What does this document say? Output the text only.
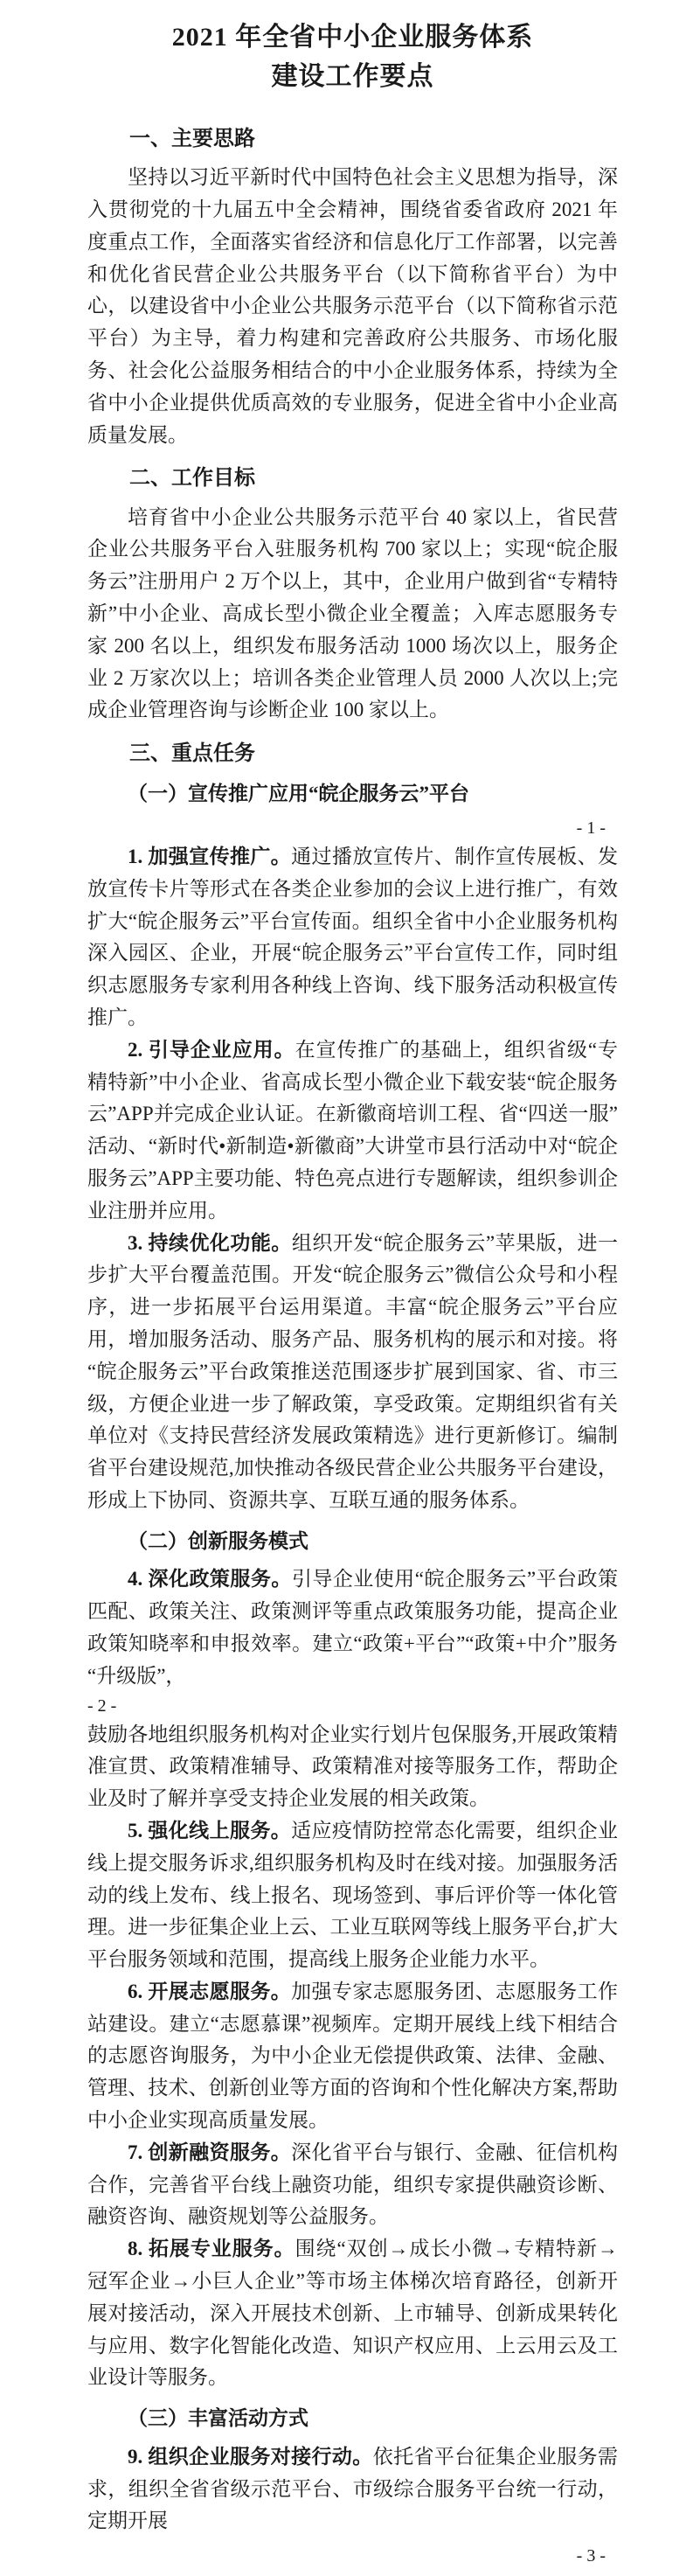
2021 年全省中小企业服务体系
建设工作要点
一、主要思路

坚持以习近平新时代中国特色社会主义思想为指导，深入贯彻党的十九届五中全会精神，围绕省委省政府 2021 年度重点工作，全面落实省经济和信息化厅工作部署，以完善和优化省民营企业公共服务平台（以下简称省平台）为中心，以建设省中小企业公共服务示范平台（以下简称省示范平台）为主导，着力构建和完善政府公共服务、市场化服务、社会化公益服务相结合的中小企业服务体系，持续为全省中小企业提供优质高效的专业服务，促进全省中小企业高质量发展。

二、工作目标

培育省中小企业公共服务示范平台 40 家以上，省民营企业公共服务平台入驻服务机构 700 家以上；实现“皖企服务云”注册用户 2 万个以上，其中，企业用户做到省“专精特新”中小企业、高成长型小微企业全覆盖；入库志愿服务专家 200 名以上，组织发布服务活动 1000 场次以上，服务企业 2 万家次以上；培训各类企业管理人员 2000 人次以上;完成企业管理咨询与诊断企业 100 家以上。

三、重点任务
（一）宣传推广应用“皖企服务云”平台
- 1 -

1. 加强宣传推广。通过播放宣传片、制作宣传展板、发放宣传卡片等形式在各类企业参加的会议上进行推广，有效扩大“皖企服务云”平台宣传面。组织全省中小企业服务机构深入园区、企业，开展“皖企服务云”平台宣传工作，同时组织志愿服务专家利用各种线上咨询、线下服务活动积极宣传推广。

2. 引导企业应用。在宣传推广的基础上，组织省级“专精特新”中小企业、省高成长型小微企业下载安装“皖企服务云”APP并完成企业认证。在新徽商培训工程、省“四送一服”活动、“新时代•新制造•新徽商”大讲堂市县行活动中对“皖企服务云”APP主要功能、特色亮点进行专题解读，组织参训企业注册并应用。

3. 持续优化功能。组织开发“皖企服务云”苹果版，进一步扩大平台覆盖范围。开发“皖企服务云”微信公众号和小程序，进一步拓展平台运用渠道。丰富“皖企服务云”平台应用，增加服务活动、服务产品、服务机构的展示和对接。将“皖企服务云”平台政策推送范围逐步扩展到国家、省、市三级，方便企业进一步了解政策，享受政策。定期组织省有关单位对《支持民营经济发展政策精选》进行更新修订。编制省平台建设规范,加快推动各级民营企业公共服务平台建设，形成上下协同、资源共享、互联互通的服务体系。

（二）创新服务模式

4. 深化政策服务。引导企业使用“皖企服务云”平台政策匹配、政策关注、政策测评等重点政策服务功能，提高企业政策知晓率和申报效率。建立“政策+平台”“政策+中介”服务“升级版”，

- 2 -

鼓励各地组织服务机构对企业实行划片包保服务,开展政策精准宣贯、政策精准辅导、政策精准对接等服务工作，帮助企业及时了解并享受支持企业发展的相关政策。

5. 强化线上服务。适应疫情防控常态化需要，组织企业线上提交服务诉求,组织服务机构及时在线对接。加强服务活动的线上发布、线上报名、现场签到、事后评价等一体化管理。进一步征集企业上云、工业互联网等线上服务平台,扩大平台服务领域和范围，提高线上服务企业能力水平。

6. 开展志愿服务。加强专家志愿服务团、志愿服务工作站建设。建立“志愿慕课”视频库。定期开展线上线下相结合的志愿咨询服务，为中小企业无偿提供政策、法律、金融、管理、技术、创新创业等方面的咨询和个性化解决方案,帮助中小企业实现高质量发展。

7. 创新融资服务。深化省平台与银行、金融、征信机构合作，完善省平台线上融资功能，组织专家提供融资诊断、融资咨询、融资规划等公益服务。

8. 拓展专业服务。围绕“双创→成长小微→专精特新→冠军企业→小巨人企业”等市场主体梯次培育路径，创新开展对接活动，深入开展技术创新、上市辅导、创新成果转化与应用、数字化智能化改造、知识产权应用、上云用云及工业设计等服务。

（三）丰富活动方式

9. 组织企业服务对接行动。依托省平台征集企业服务需求，组织全省省级示范平台、市级综合服务平台统一行动，定期开展

- 3 -
